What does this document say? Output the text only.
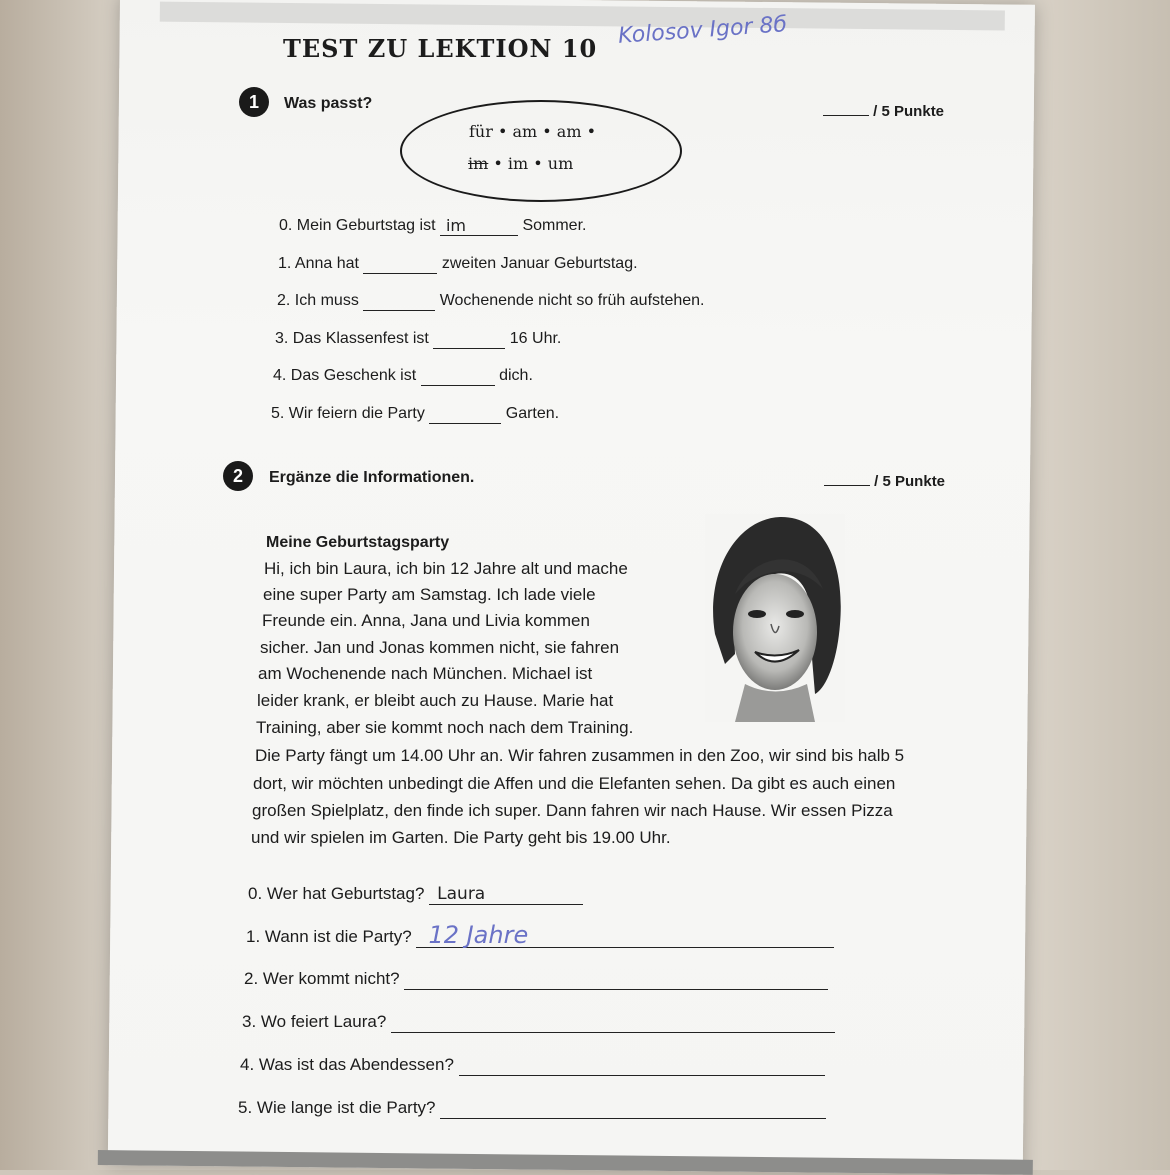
TEST ZU LEKTION 10 Kolosov Igor 8б
1	Was passt?	/ 5 Punkte
für • am • am •
im • im • um
0. Mein Geburtstag ist im	Sommer.
1. Anna hat	zweiten Januar Geburtstag.
2. Ich muss	Wochenende nicht so früh aufstehen.
3. Das Klassenfest ist	16 Uhr.
4. Das Geschenk ist	dich.
5. Wir feiern die Party	Garten.
2	Ergänze die Informationen.	/ 5 Punkte
Meine Geburtstagsparty
Hi, ich bin Laura, ich bin 12 Jahre alt und mache
eine super Party am Samstag. Ich lade viele
Freunde ein. Anna, Jana und Livia kommen
sicher. Jan und Jonas kommen nicht, sie fahren
am Wochenende nach München. Michael ist
leider krank, er bleibt auch zu Hause. Marie hat
Training, aber sie kommt noch nach dem Training.
Die Party fängt um 14.00 Uhr an. Wir fahren zusammen in den Zoo, wir sind bis halb 5
dort, wir möchten unbedingt die Affen und die Elefanten sehen. Da gibt es auch einen
großen Spielplatz, den finde ich super. Dann fahren wir nach Hause. Wir essen Pizza
und wir spielen im Garten. Die Party geht bis 19.00 Uhr.
0. Wer hat Geburtstag? Laura

1. Wann ist die Party? 12 Jahre

2. Wer kommt nicht?
3. Wo feiert Laura?
4. Was ist das Abendessen?
5. Wie lange ist die Party?
